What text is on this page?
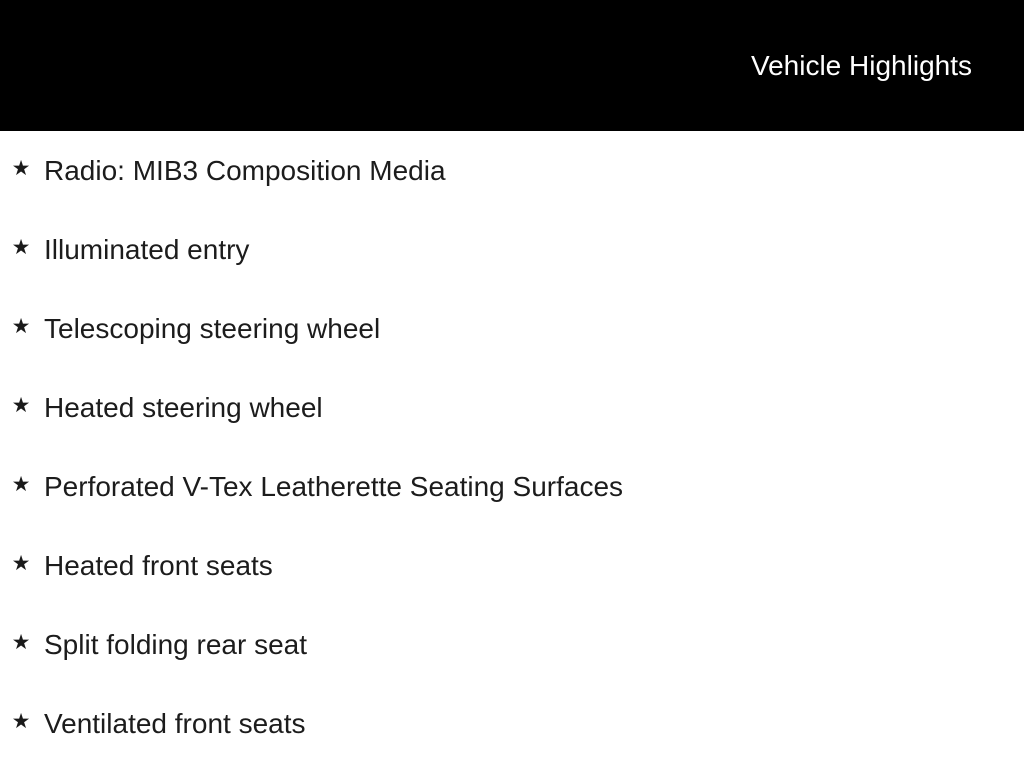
Vehicle Highlights
★ Radio: MIB3 Composition Media
★ Illuminated entry
★ Telescoping steering wheel
★ Heated steering wheel
★ Perforated V-Tex Leatherette Seating Surfaces
★ Heated front seats
★ Split folding rear seat
★ Ventilated front seats
